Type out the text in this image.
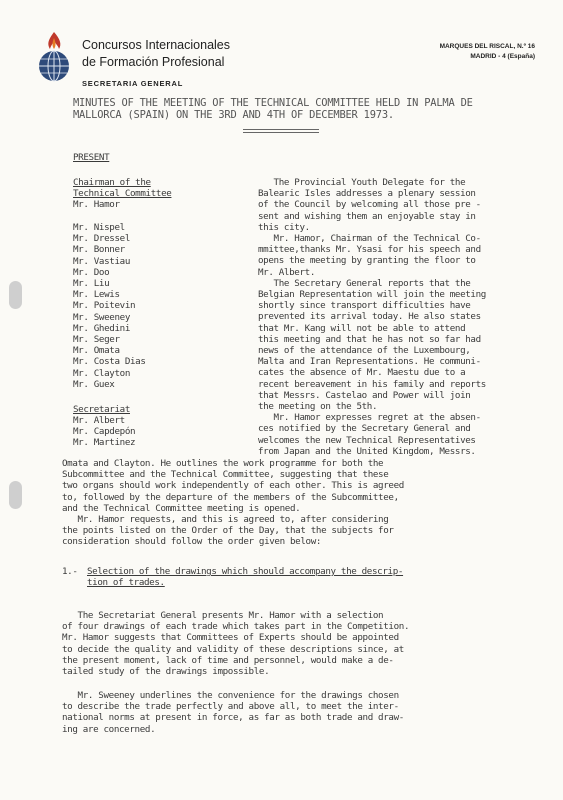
Concursos Internacionales
de Formación Profesional
SECRETARIA GENERAL
MARQUES DEL RISCAL, N.º 16
MADRID - 4 (España)
MINUTES OF THE MEETING OF THE TECHNICAL COMMITTEE HELD IN PALMA DE
MALLORCA (SPAIN) ON THE 3RD AND 4TH OF DECEMBER 1973.
PRESENT
Chairman of the
Technical Committee
Mr. Hamor
Mr. Nispel
Mr. Dressel
Mr. Bonner
Mr. Vastiau
Mr. Doo
Mr. Liu
Mr. Lewis
Mr. Poitevin
Mr. Sweeney
Mr. Ghedini
Mr. Seger
Mr. Omata
Mr. Costa Dias
Mr. Clayton
Mr. Guex
Secretariat
Mr. Albert
Mr. Capdepón
Mr. Martinez
The Provincial Youth Delegate for the
Balearic Isles addresses a plenary session
of the Council by welcoming all those pre -
sent and wishing them an enjoyable stay in
this city.
Mr. Hamor, Chairman of the Technical Co-
mmittee,thanks Mr. Ysasi for his speech and
opens the meeting by granting the floor to
Mr. Albert.
The Secretary General reports that the
Belgian Representation will join the meeting
shortly since transport difficulties have
prevented its arrival today. He also states
that Mr. Kang will not be able to attend
this meeting and that he has not so far had
news of the attendance of the Luxembourg,
Malta and Iran Representations. He communi-
cates the absence of Mr. Maestu due to a
recent bereavement in his family and reports
that Messrs. Castelao and Power will join
the meeting on the 5th.
Mr. Hamor expresses regret at the absen-
ces notified by the Secretary General and
welcomes the new Technical Representatives
from Japan and the United Kingdom, Messrs.
Omata and Clayton. He outlines the work programme for both the
Subcommittee and the Technical Committee, suggesting that these
two organs should work independently of each other. This is agreed
to, followed by the departure of the members of the Subcommittee,
and the Technical Committee meeting is opened.
Mr. Hamor requests, and this is agreed to, after considering
the points listed on the Order of the Day, that the subjects for
consideration should follow the order given below:
1.- Selection of the drawings which should accompany the descrip-
tion of trades.
The Secretariat General presents Mr. Hamor with a selection
of four drawings of each trade which takes part in the Competition.
Mr. Hamor suggests that Committees of Experts should be appointed
to decide the quality and validity of these descriptions since, at
the present moment, lack of time and personnel, would make a de-
tailed study of the drawings impossible.
Mr. Sweeney underlines the convenience for the drawings chosen
to describe the trade perfectly and above all, to meet the inter-
national norms at present in force, as far as both trade and draw-
ing are concerned.
